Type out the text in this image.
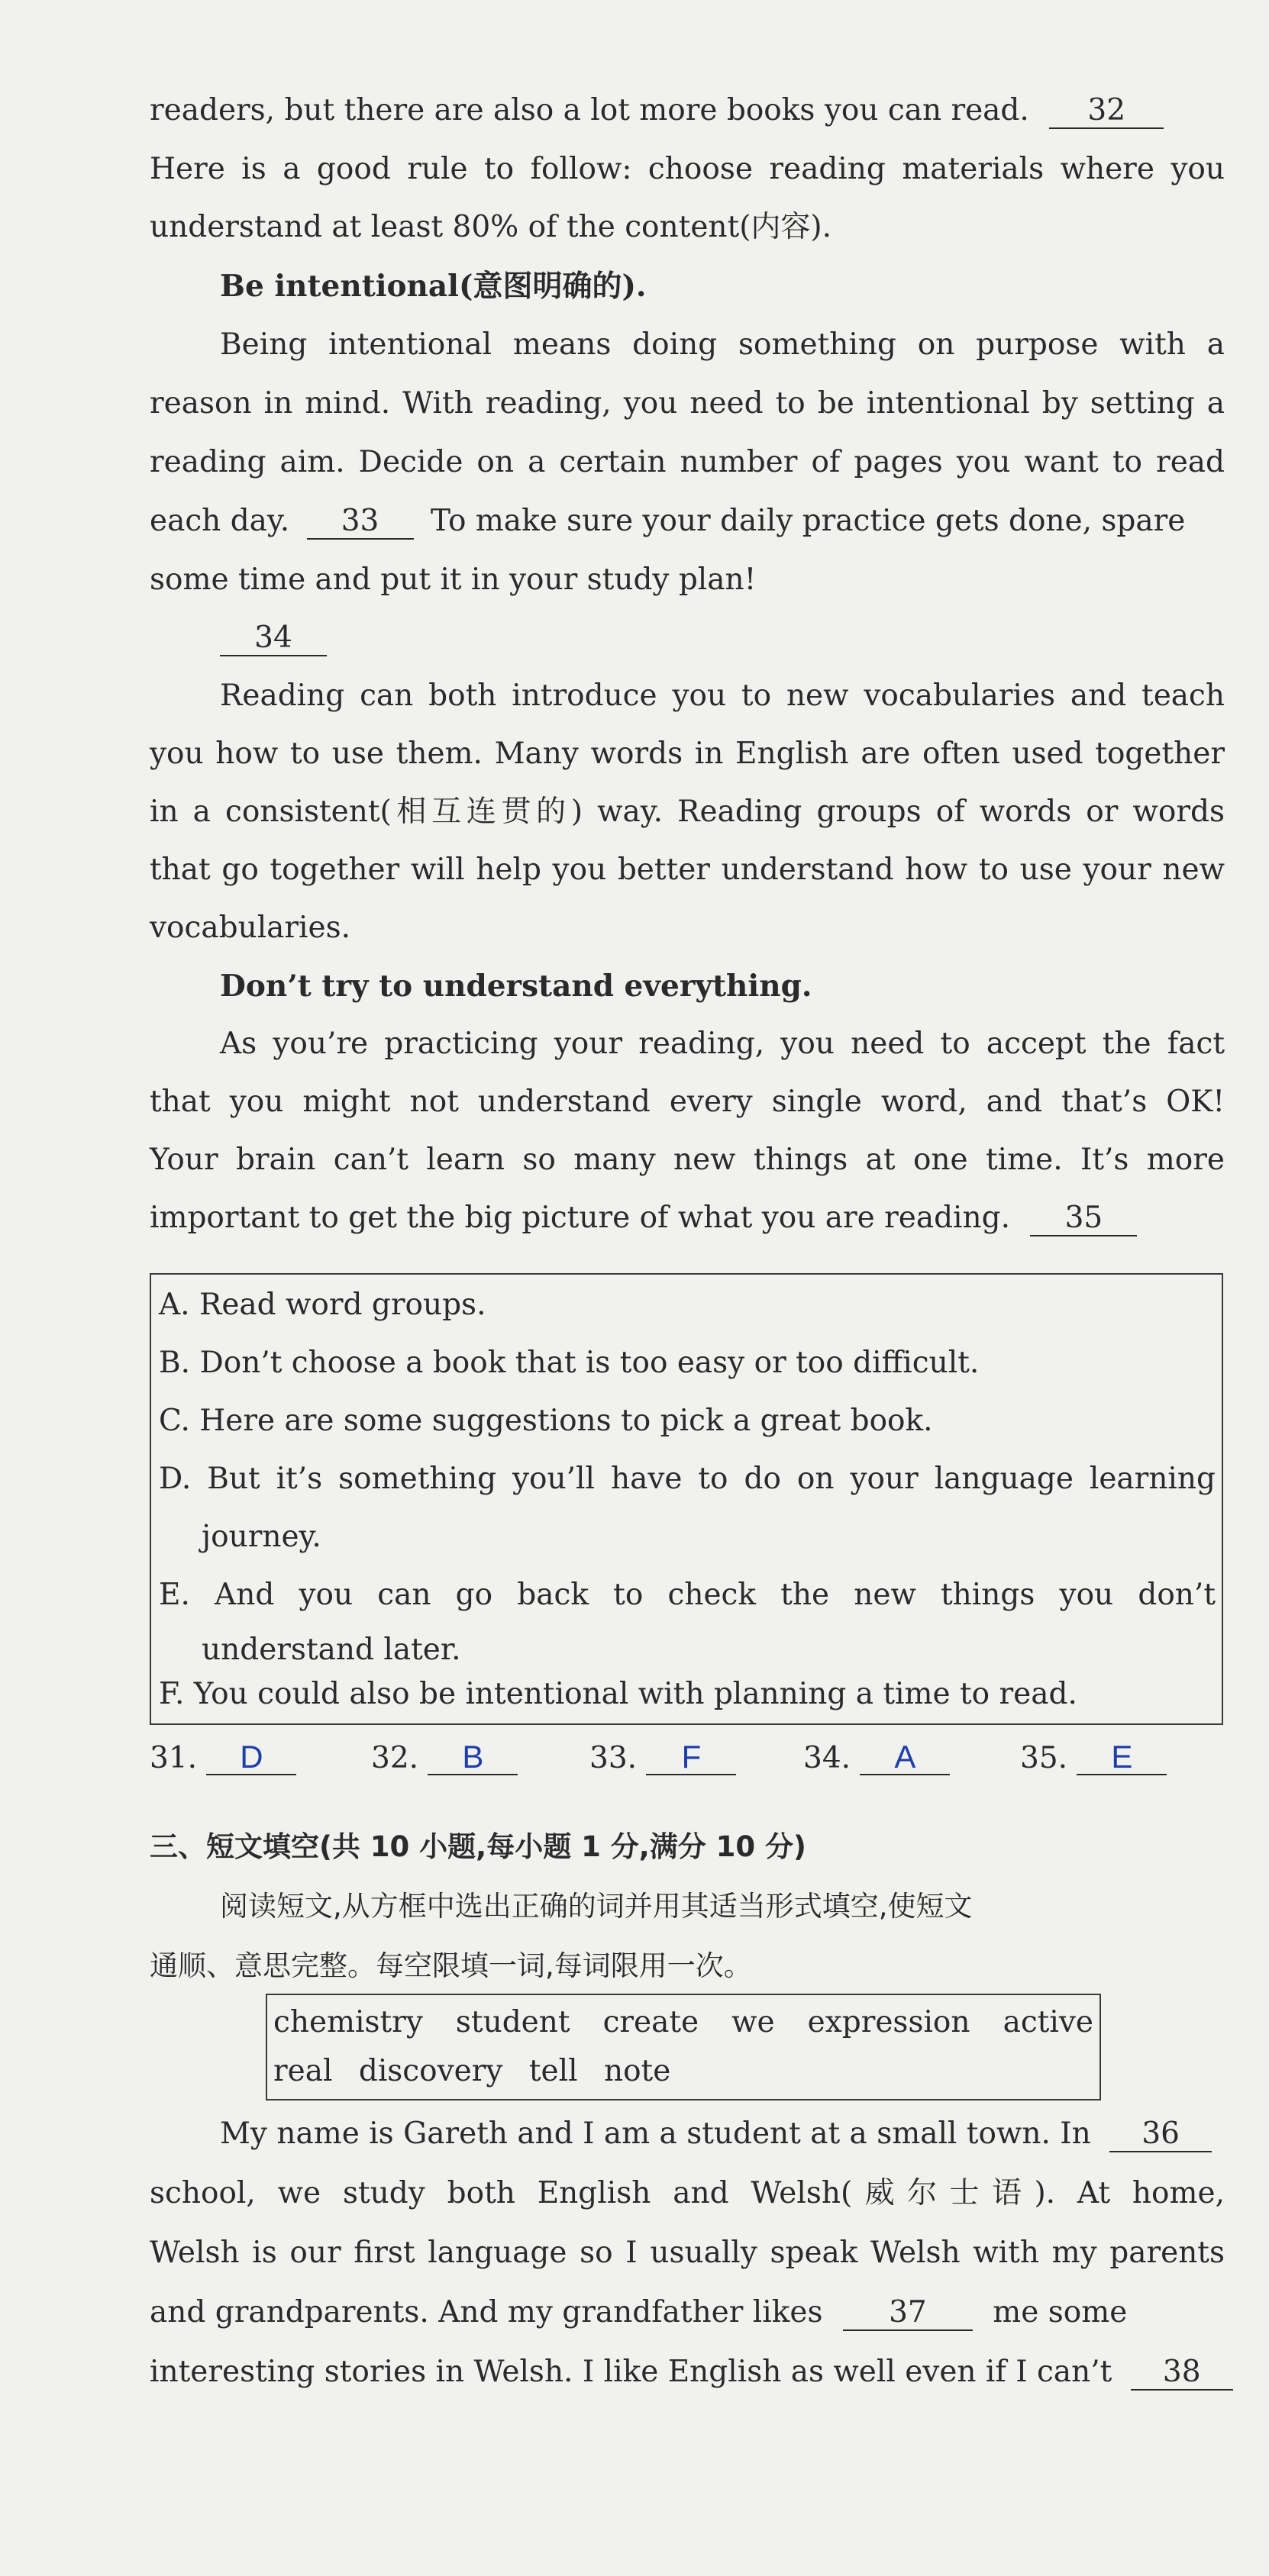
readers, but there are also a lot more books you can read. 32
Here is a good rule to follow: choose reading materials where you
understand at least 80% of the content(内容).
Be intentional(意图明确的).
Being intentional means doing something on purpose with a
reason in mind. With reading, you need to be intentional by setting a
reading aim. Decide on a certain number of pages you want to read
each day. 33 To make sure your daily practice gets done, spare
some time and put it in your study plan!
34
Reading can both introduce you to new vocabularies and teach
you how to use them. Many words in English are often used together
in a consistent(相互连贯的) way. Reading groups of words or words
that go together will help you better understand how to use your new
vocabularies.
Don’t try to understand everything.
As you’re practicing your reading, you need to accept the fact
that you might not understand every single word, and that’s OK!
Your brain can’t learn so many new things at one time. It’s more
important to get the big picture of what you are reading. 35
A. Read word groups.
B. Don’t choose a book that is too easy or too difficult.
C. Here are some suggestions to pick a great book.
D. But it’s something you’ll have to do on your language learning
journey.
E. And you can go back to check the new things you don’t
understand later.
F. You could also be intentional with planning a time to read.
31. D	32. B	33. F	34. A	35. E
三、短文填空(共 10 小题,每小题 1 分,满分 10 分)
阅读短文,从方框中选出正确的词并用其适当形式填空,使短文
通顺、意思完整。每空限填一词,每词限用一次。
chemistry student create we expression active
real discovery tell note
My name is Gareth and I am a student at a small town. In 36
school, we study both English and Welsh(威尔士语). At home,
Welsh is our first language so I usually speak Welsh with my parents
and grandparents. And my grandfather likes 37 me some
interesting stories in Welsh. I like English as well even if I can’t 38
